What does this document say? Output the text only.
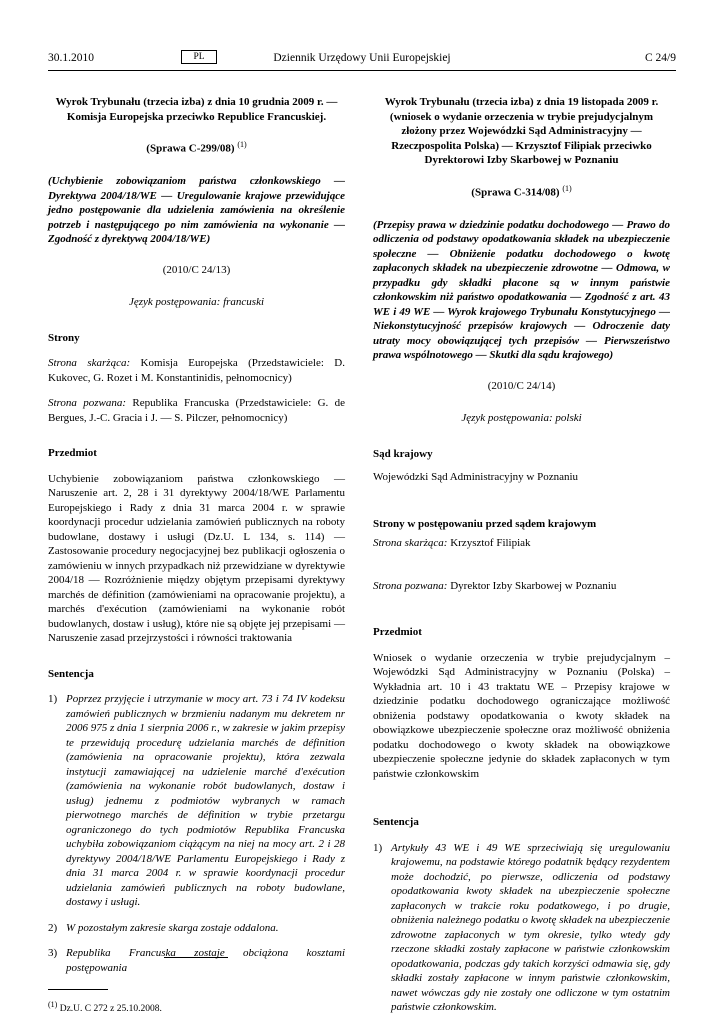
30.1.2010	PL	Dziennik Urzędowy Unii Europejskiej	C 24/9

Wyrok Trybunału (trzecia izba) z dnia 10 grudnia 2009 r. — Komisja Europejska przeciwko Republice Francuskiej.

(Sprawa C-299/08) $^{(1)}$

(Uchybienie zobowiązaniom państwa członkowskiego — Dyrektywa 2004/18/WE — Uregulowanie krajowe przewidujące jedno postępowanie dla udzielenia zamówienia na określenie potrzeb i następującego po nim zamówienia na wykonanie — Zgodność z dyrektywą 2004/18/WE)

(2010/C 24/13)

Język postępowania: francuski

Strony

Strona skarżąca: Komisja Europejska (Przedstawiciele: D. Kukovec, G. Rozet i M. Konstantinidis, pełnomocnicy)

Strona pozwana: Republika Francuska (Przedstawiciele: G. de Bergues, J.-C. Gracia i J. — S. Pilczer, pełnomocnicy)

Przedmiot

Uchybienie zobowiązaniom państwa członkowskiego — Naruszenie art. 2, 28 i 31 dyrektywy 2004/18/WE Parlamentu Europejskiego i Rady z dnia 31 marca 2004 r. w sprawie koordynacji procedur udzielania zamówień publicznych na roboty budowlane, dostawy i usługi (Dz.U. L 134, s. 114) — Zastosowanie procedury negocjacyjnej bez publikacji ogłoszenia o zamówieniu w innych przypadkach niż przewidziane w dyrektywie 2004/18 — Rozróżnienie między objętym przepisami dyrektywy marchés de définition (zamówieniami na opracowanie projektu), a marchés d'exécution (zamówieniami na wykonanie robót budowlanych, dostaw i usług), które nie są objęte jej przepisami — Naruszenie zasad przejrzystości i równości traktowania

Sentencja

1) Poprzez przyjęcie i utrzymanie w mocy art. 73 i 74 IV kodeksu zamówień publicznych w brzmieniu nadanym mu dekretem nr 2006 975 z dnia 1 sierpnia 2006 r., w zakresie w jakim przepisy te przewidują procedurę udzielania marchés de définition (zamówienia na opracowanie projektu), która zezwala instytucji zamawiającej na udzielenie marché d'exécution (zamówienia na wykonanie robót budowlanych, dostaw i usług) jednemu z podmiotów wybranych w ramach pierwotnego marchés de définition w trybie przetargu ograniczonego do tych podmiotów Republika Francuska uchybiła zobowiązaniom ciążącym na niej na mocy art. 2 i 28 dyrektywy 2004/18/WE Parlamentu Europejskiego i Rady z dnia 31 marca 2004 r. w sprawie koordynacji procedur udzielania zamówień publicznych na roboty budowlane, dostawy i usługi.
2) W pozostałym zakresie skarga zostaje oddalona.
3) Republika Francuska zostaje obciążona kosztami postępowania

$^{(1)}$ Dz.U. C 272 z 25.10.2008.

Wyrok Trybunału (trzecia izba) z dnia 19 listopada 2009 r. (wniosek o wydanie orzeczenia w trybie prejudycjalnym złożony przez Wojewódzki Sąd Administracyjny — Rzeczpospolita Polska) — Krzysztof Filipiak przeciwko Dyrektorowi Izby Skarbowej w Poznaniu

(Sprawa C-314/08) $^{(1)}$

(Przepisy prawa w dziedzinie podatku dochodowego — Prawo do odliczenia od podstawy opodatkowania składek na ubezpieczenie społeczne — Obniżenie podatku dochodowego o kwotę zapłaconych składek na ubezpieczenie zdrowotne — Odmowa, w przypadku gdy składki płacone są w innym państwie członkowskim niż państwo opodatkowania — Zgodność z art. 43 WE i 49 WE — Wyrok krajowego Trybunału Konstytucyjnego — Niekonstytucyjność przepisów krajowych — Odroczenie daty utraty mocy obowiązującej tych przepisów — Pierwszeństwo prawa wspólnotowego — Skutki dla sądu krajowego)

(2010/C 24/14)

Język postępowania: polski

Sąd krajowy

Wojewódzki Sąd Administracyjny w Poznaniu

Strony w postępowaniu przed sądem krajowym

Strona skarżąca: Krzysztof Filipiak

Strona pozwana: Dyrektor Izby Skarbowej w Poznaniu

Przedmiot

Wniosek o wydanie orzeczenia w trybie prejudycjalnym – Wojewódzki Sąd Administracyjny w Poznaniu (Polska) – Wykładnia art. 10 i 43 traktatu WE – Przepisy krajowe w dziedzinie podatku dochodowego ograniczające możliwość obniżenia podstawy opodatkowania o kwoty składek na obowiązkowe ubezpieczenie społeczne oraz możliwość obniżenia podatku dochodowego o kwoty składek na obowiązkowe ubezpieczenie społeczne jedynie do składek zapłaconych w tym państwie członkowskim

Sentencja

1) Artykuły 43 WE i 49 WE sprzeciwiają się uregulowaniu krajowemu, na podstawie którego podatnik będący rezydentem może dochodzić, po pierwsze, odliczenia od podstawy opodatkowania kwoty składek na ubezpieczenie społeczne zapłaconych w trakcie roku podatkowego, i po drugie, obniżenia należnego podatku o kwotę składek na ubezpieczenie zdrowotne zapłaconych w tym okresie, tylko wtedy gdy rzeczone składki zostały zapłacone w państwie członkowskim opodatkowania, podczas gdy takich korzyści odmawia się, gdy składki zostały zapłacone w innym państwie członkowskim, nawet wówczas gdy nie zostały one odliczone w tym ostatnim państwie członkowskim.
